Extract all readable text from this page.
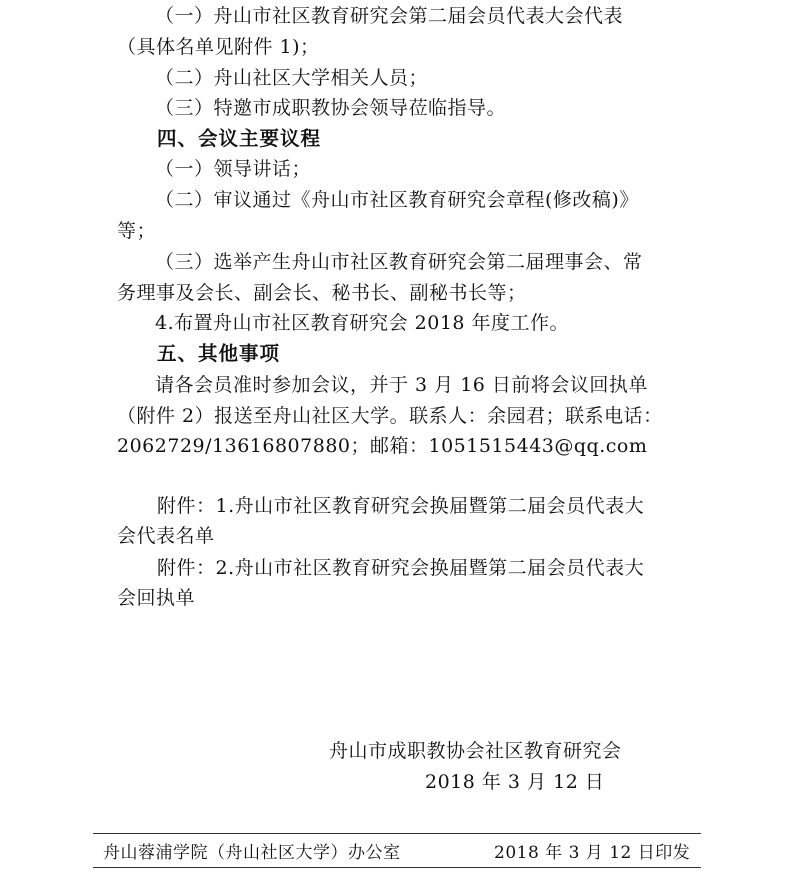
（一）舟山市社区教育研究会第二届会员代表大会代表
（具体名单见附件 1)；
（二）舟山社区大学相关人员；
（三）特邀市成职教协会领导莅临指导。
四、会议主要议程
（一）领导讲话；
（二）审议通过《舟山市社区教育研究会章程(修改稿)》
等；
（三）选举产生舟山市社区教育研究会第二届理事会、常
务理事及会长、副会长、秘书长、副秘书长等；
4.布置舟山市社区教育研究会 2018 年度工作。
五、其他事项
请各会员准时参加会议，并于 3 月 16 日前将会议回执单
（附件 2）报送至舟山社区大学。联系人：余园君；联系电话：
2062729/13616807880；邮箱：1051515443@qq.com
附件：1.舟山市社区教育研究会换届暨第二届会员代表大
会代表名单
附件：2.舟山市社区教育研究会换届暨第二届会员代表大
会回执单
舟山市成职教协会社区教育研究会
2018 年 3 月 12 日
舟山蓉浦学院（舟山社区大学）办公室	2018 年 3 月 12 日印发
